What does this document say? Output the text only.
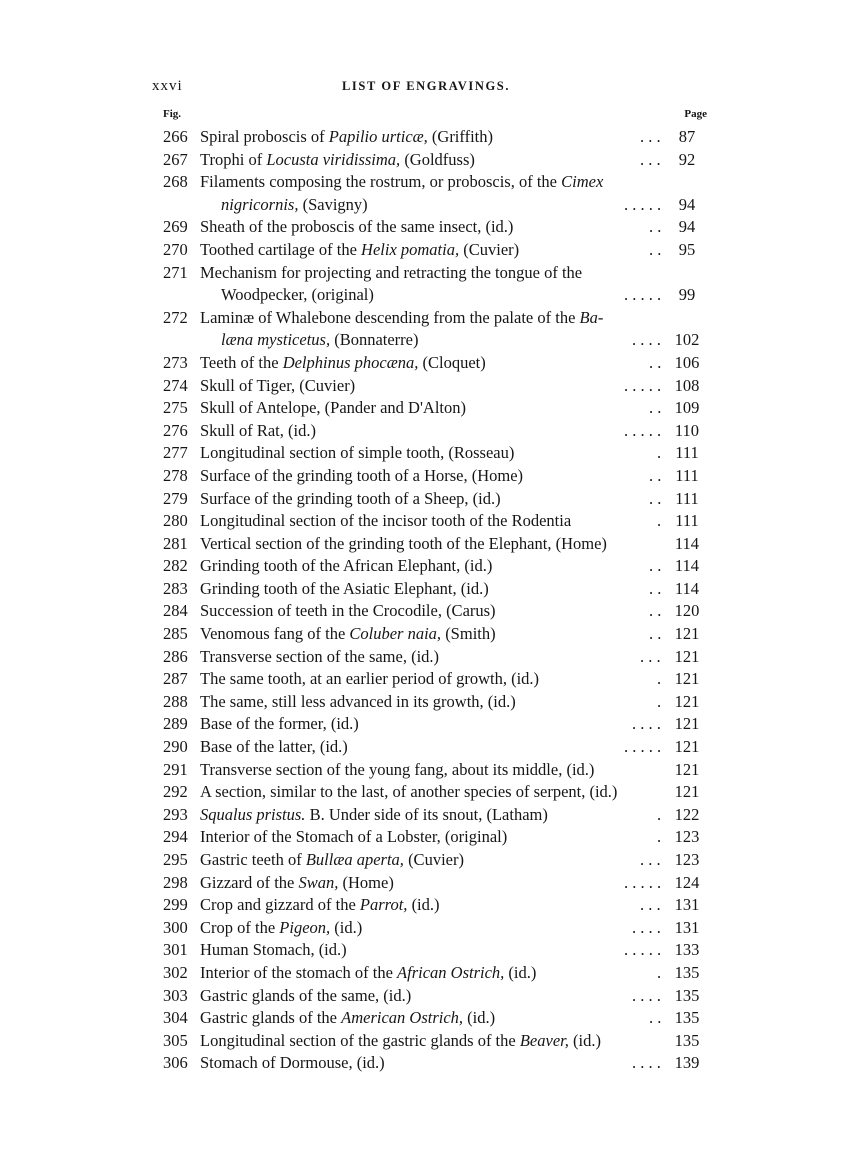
xxvi	LIST OF ENGRAVINGS.
Fig.	Page
266 Spiral proboscis of Papilio urticæ, (Griffith)	. . .	87
267 Trophi of Locusta viridissima, (Goldfuss)	. . .	92
268 Filaments composing the rostrum, or proboscis, of the Cimex
nigricornis, (Savigny)	. . . . .	94
269 Sheath of the proboscis of the same insect, (id.)	. .	94
270 Toothed cartilage of the Helix pomatia, (Cuvier)	. .	95
271 Mechanism for projecting and retracting the tongue of the
Woodpecker, (original)	. . . . .	99
272 Laminæ of Whalebone descending from the palate of the Ba-
læna mysticetus, (Bonnaterre)	. . . . 102
273 Teeth of the Delphinus phocæna, (Cloquet)	. . 106
274 Skull of Tiger, (Cuvier)	. . . . . 108
275 Skull of Antelope, (Pander and D'Alton)	. . 109
276 Skull of Rat, (id.)	. . . . . 110
277 Longitudinal section of simple tooth, (Rosseau)	. 111
278 Surface of the grinding tooth of a Horse, (Home)	. . 111
279 Surface of the grinding tooth of a Sheep, (id.)	. . 111
280 Longitudinal section of the incisor tooth of the Rodentia	. 111
281 Vertical section of the grinding tooth of the Elephant, (Home)	114
282 Grinding tooth of the African Elephant, (id.)	. . 114
283 Grinding tooth of the Asiatic Elephant, (id.)	. . 114
284 Succession of teeth in the Crocodile, (Carus)	. . 120
285 Venomous fang of the Coluber naia, (Smith)	. . 121
286 Transverse section of the same, (id.)	. . . 121
287 The same tooth, at an earlier period of growth, (id.)	. 121
288 The same, still less advanced in its growth, (id.)	. 121
289 Base of the former, (id.)	. . . . 121
290 Base of the latter, (id.)	. . . . . 121
291 Transverse section of the young fang, about its middle, (id.)	121
292 A section, similar to the last, of another species of serpent, (id.)	121
293 Squalus pristus. B. Under side of its snout, (Latham)	. 122
294 Interior of the Stomach of a Lobster, (original)	. 123
295 Gastric teeth of Bullæa aperta, (Cuvier)	. . . 123
298 Gizzard of the Swan, (Home)	. . . . . 124
299 Crop and gizzard of the Parrot, (id.)	. . . 131
300 Crop of the Pigeon, (id.)	. . . . 131
301 Human Stomach, (id.)	. . . . . 133
302 Interior of the stomach of the African Ostrich, (id.)	. 135
303 Gastric glands of the same, (id.)	. . . . 135
304 Gastric glands of the American Ostrich, (id.)	. . 135
305 Longitudinal section of the gastric glands of the Beaver, (id.)	135
306 Stomach of Dormouse, (id.)	. . . . 139
